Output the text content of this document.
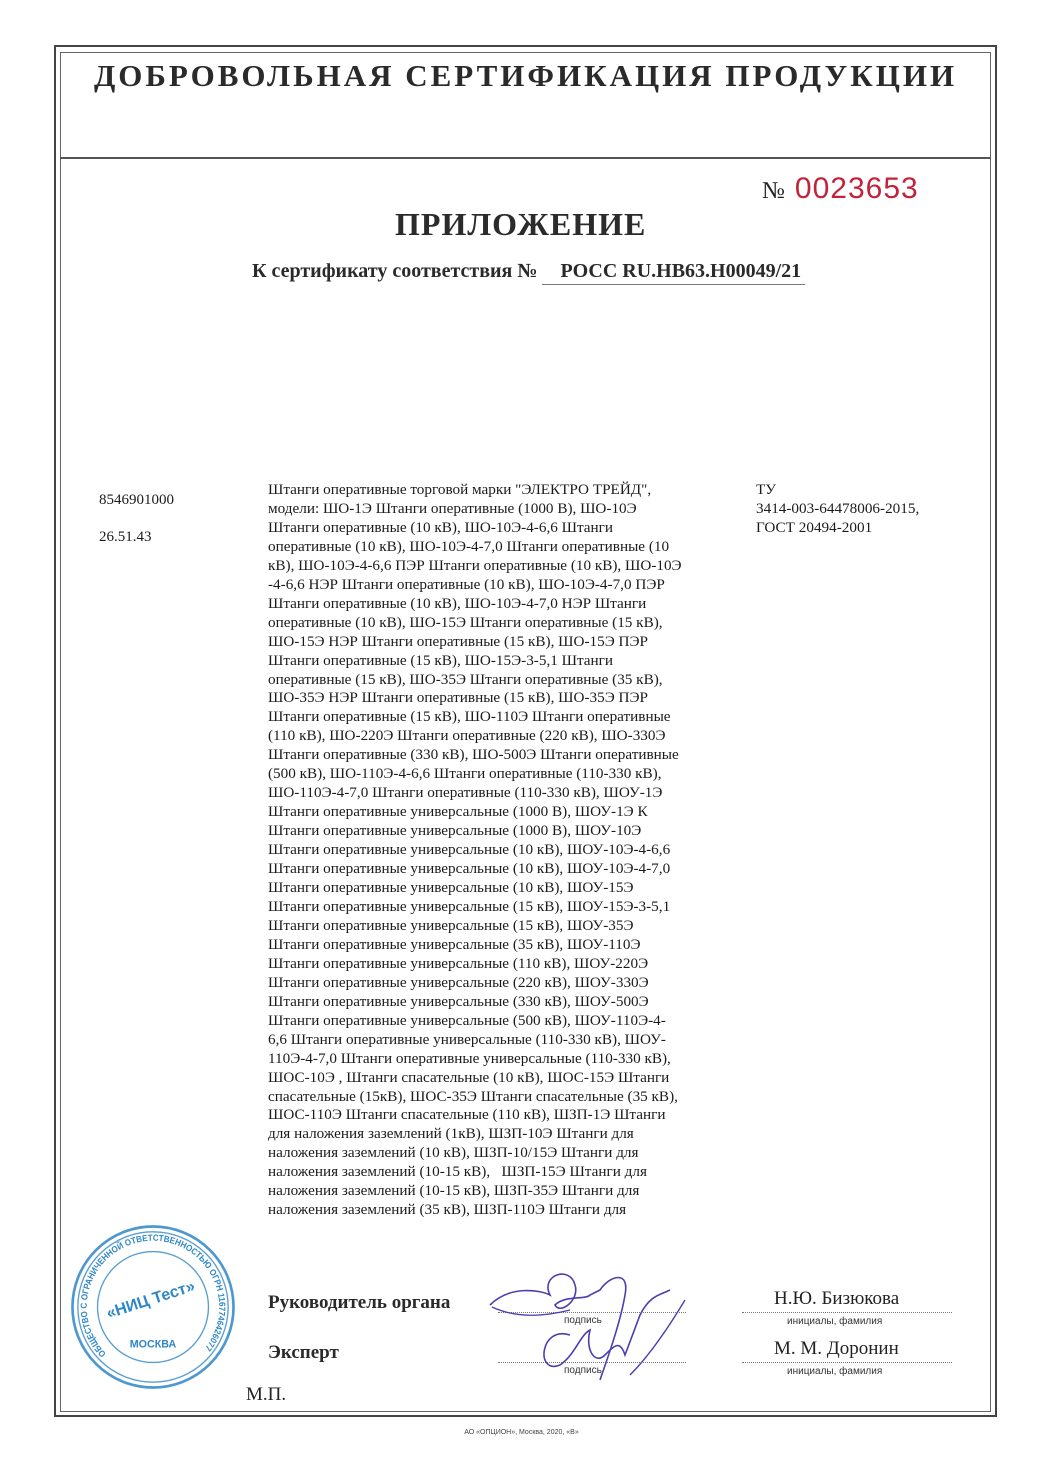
ДОБРОВОЛЬНАЯ СЕРТИФИКАЦИЯ ПРОДУКЦИИ
№ 0023653
ПРИЛОЖЕНИЕ
К сертификату соответствия № РОСС RU.HB63.H00049/21
8546901000
26.51.43
Штанги оперативные торговой марки "ЭЛЕКТРО ТРЕЙД",
модели: ШО-1Э Штанги оперативные (1000 В), ШО-10Э
Штанги оперативные (10 кВ), ШО-10Э-4-6,6 Штанги
оперативные (10 кВ), ШО-10Э-4-7,0 Штанги оперативные (10
кВ), ШО-10Э-4-6,6 ПЭР Штанги оперативные (10 кВ), ШО-10Э
-4-6,6 НЭР Штанги оперативные (10 кВ), ШО-10Э-4-7,0 ПЭР
Штанги оперативные (10 кВ), ШО-10Э-4-7,0 НЭР Штанги
оперативные (10 кВ), ШО-15Э Штанги оперативные (15 кВ),
ШО-15Э НЭР Штанги оперативные (15 кВ), ШО-15Э ПЭР
Штанги оперативные (15 кВ), ШО-15Э-3-5,1 Штанги
оперативные (15 кВ), ШО-35Э Штанги оперативные (35 кВ),
ШО-35Э НЭР Штанги оперативные (15 кВ), ШО-35Э ПЭР
Штанги оперативные (15 кВ), ШО-110Э Штанги оперативные
(110 кВ), ШО-220Э Штанги оперативные (220 кВ), ШО-330Э
Штанги оперативные (330 кВ), ШО-500Э Штанги оперативные
(500 кВ), ШО-110Э-4-6,6 Штанги оперативные (110-330 кВ),
ШО-110Э-4-7,0 Штанги оперативные (110-330 кВ), ШОУ-1Э
Штанги оперативные универсальные (1000 В), ШОУ-1Э К
Штанги оперативные универсальные (1000 В), ШОУ-10Э
Штанги оперативные универсальные (10 кВ), ШОУ-10Э-4-6,6
Штанги оперативные универсальные (10 кВ), ШОУ-10Э-4-7,0
Штанги оперативные универсальные (10 кВ), ШОУ-15Э
Штанги оперативные универсальные (15 кВ), ШОУ-15Э-3-5,1
Штанги оперативные универсальные (15 кВ), ШОУ-35Э
Штанги оперативные универсальные (35 кВ), ШОУ-110Э
Штанги оперативные универсальные (110 кВ), ШОУ-220Э
Штанги оперативные универсальные (220 кВ), ШОУ-330Э
Штанги оперативные универсальные (330 кВ), ШОУ-500Э
Штанги оперативные универсальные (500 кВ), ШОУ-110Э-4-
6,6 Штанги оперативные универсальные (110-330 кВ), ШОУ-
110Э-4-7,0 Штанги оперативные универсальные (110-330 кВ),
ШОС-10Э , Штанги спасательные (10 кВ), ШОС-15Э Штанги
спасательные (15кВ), ШОС-35Э Штанги спасательные (35 кВ),
ШОС-110Э Штанги спасательные (110 кВ), ШЗП-1Э Штанги
для наложения заземлений (1кВ), ШЗП-10Э Штанги для
наложения заземлений (10 кВ), ШЗП-10/15Э Штанги для
наложения заземлений (10-15 кВ),   ШЗП-15Э Штанги для
наложения заземлений (10-15 кВ), ШЗП-35Э Штанги для
наложения заземлений (35 кВ), ШЗП-110Э Штанги для
ТУ
3414-003-64478006-2015,
ГОСТ 20494-2001
ОБЩЕСТВО С ОГРАНИЧЕННОЙ ОТВЕТСТВЕННОСТЬЮ ОГРН 1167746426077
«НИЦ Тест»
МОСКВА
М.П.
Руководитель органа
Эксперт
подпись
подпись
Н.Ю. Бизюкова
М. М. Доронин
инициалы, фамилия
инициалы, фамилия
АО «ОПЦИОН», Москва, 2020, «В»
